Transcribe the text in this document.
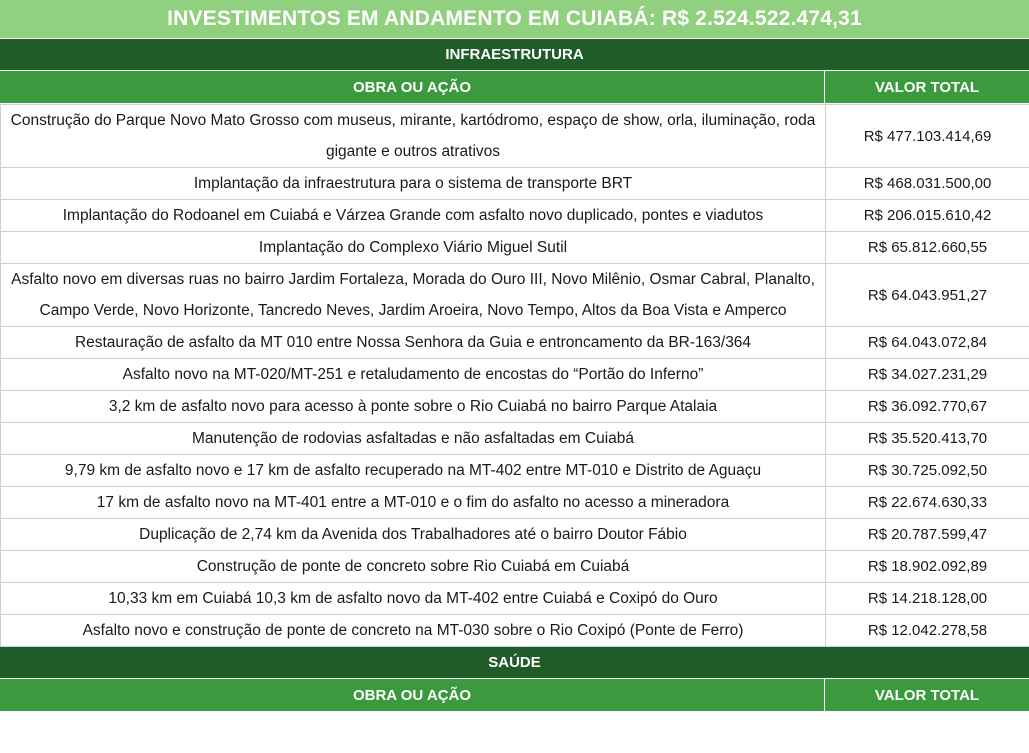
INVESTIMENTOS EM ANDAMENTO EM CUIABÁ: R$ 2.524.522.474,31
INFRAESTRUTURA
OBRA OU AÇÃO	VALOR TOTAL
Construção do Parque Novo Mato Grosso com museus, mirante, kartódromo, espaço de show, orla, iluminação, roda gigante e outros atrativos	R$ 477.103.414,69
Implantação da infraestrutura para o sistema de transporte BRT	R$ 468.031.500,00
Implantação do Rodoanel em Cuiabá e Várzea Grande com asfalto novo duplicado, pontes e viadutos	R$ 206.015.610,42
Implantação do Complexo Viário Miguel Sutil	R$ 65.812.660,55
Asfalto novo em diversas ruas no bairro Jardim Fortaleza, Morada do Ouro III, Novo Milênio, Osmar Cabral, Planalto, Campo Verde, Novo Horizonte, Tancredo Neves, Jardim Aroeira, Novo Tempo, Altos da Boa Vista e Amperco	R$ 64.043.951,27
Restauração de asfalto da MT 010 entre Nossa Senhora da Guia e entroncamento da BR-163/364	R$ 64.043.072,84
Asfalto novo na MT-020/MT-251 e retaludamento de encostas do “Portão do Inferno”	R$ 34.027.231,29
3,2 km de asfalto novo para acesso à ponte sobre o Rio Cuiabá no bairro Parque Atalaia	R$ 36.092.770,67
Manutenção de rodovias asfaltadas e não asfaltadas em Cuiabá	R$ 35.520.413,70
9,79 km de asfalto novo e 17 km de asfalto recuperado na MT-402 entre MT-010 e Distrito de Aguaçu	R$ 30.725.092,50
17 km de asfalto novo na MT-401 entre a MT-010 e o fim do asfalto no acesso a mineradora	R$ 22.674.630,33
Duplicação de 2,74 km da Avenida dos Trabalhadores até o bairro Doutor Fábio	R$ 20.787.599,47
Construção de ponte de concreto sobre Rio Cuiabá em Cuiabá	R$ 18.902.092,89
10,33 km em Cuiabá 10,3 km de asfalto novo da MT-402 entre Cuiabá e Coxipó do Ouro	R$ 14.218.128,00
Asfalto novo e construção de ponte de concreto na MT-030 sobre o Rio Coxipó (Ponte de Ferro)	R$ 12.042.278,58
SAÚDE
OBRA OU AÇÃO	VALOR TOTAL
